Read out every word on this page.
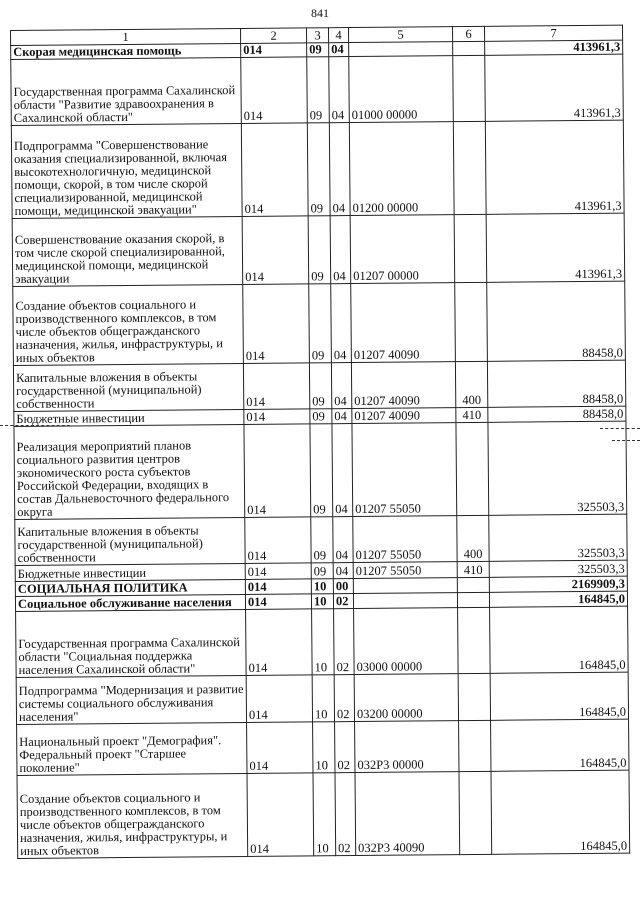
841
1	2	3	4	5	6	7
Скорая медицинская помощь	014	09	04			413961,3
Государственная программа Сахалинской области "Развитие здравоохранения в Сахалинской области"	014	09	04	01000 00000		413961,3
Подпрограмма "Совершенствование оказания специализированной, включая высокотехнологичную, медицинской помощи, скорой, в том числе скорой специализированной, медицинской помощи, медицинской эвакуации"	014	09	04	01200 00000		413961,3
Совершенствование оказания скорой, в том числе скорой специализированной, медицинской помощи, медицинской эвакуации	014	09	04	01207 00000		413961,3
Создание объектов социального и производственного комплексов, в том числе объектов общегражданского назначения, жилья, инфраструктуры, и иных объектов	014	09	04	01207 40090		88458,0
Капитальные вложения в объекты государственной (муниципальной) собственности	014	09	04	01207 40090	400	88458,0
Бюджетные инвестиции	014	09	04	01207 40090	410	88458,0
Реализация мероприятий планов социального развития центров экономического роста субъектов Российской Федерации, входящих в состав Дальневосточного федерального округа	014	09	04	01207 55050		325503,3
Капитальные вложения в объекты государственной (муниципальной) собственности	014	09	04	01207 55050	400	325503,3
Бюджетные инвестиции	014	09	04	01207 55050	410	325503,3
СОЦИАЛЬНАЯ ПОЛИТИКА	014	10	00			2169909,3
Социальное обслуживание населения	014	10	02			164845,0
Государственная программа Сахалинской области "Социальная поддержка населения Сахалинской области"	014	10	02	03000 00000		164845,0
Подпрограмма "Модернизация и развитие системы социального обслуживания населения"	014	10	02	03200 00000		164845,0
Национальный проект "Демография". Федеральный проект "Старшее поколение"	014	10	02	032P3 00000		164845,0
Создание объектов социального и производственного комплексов, в том числе объектов общегражданского назначения, жилья, инфраструктуры, и иных объектов	014	10	02	032P3 40090		164845,0
